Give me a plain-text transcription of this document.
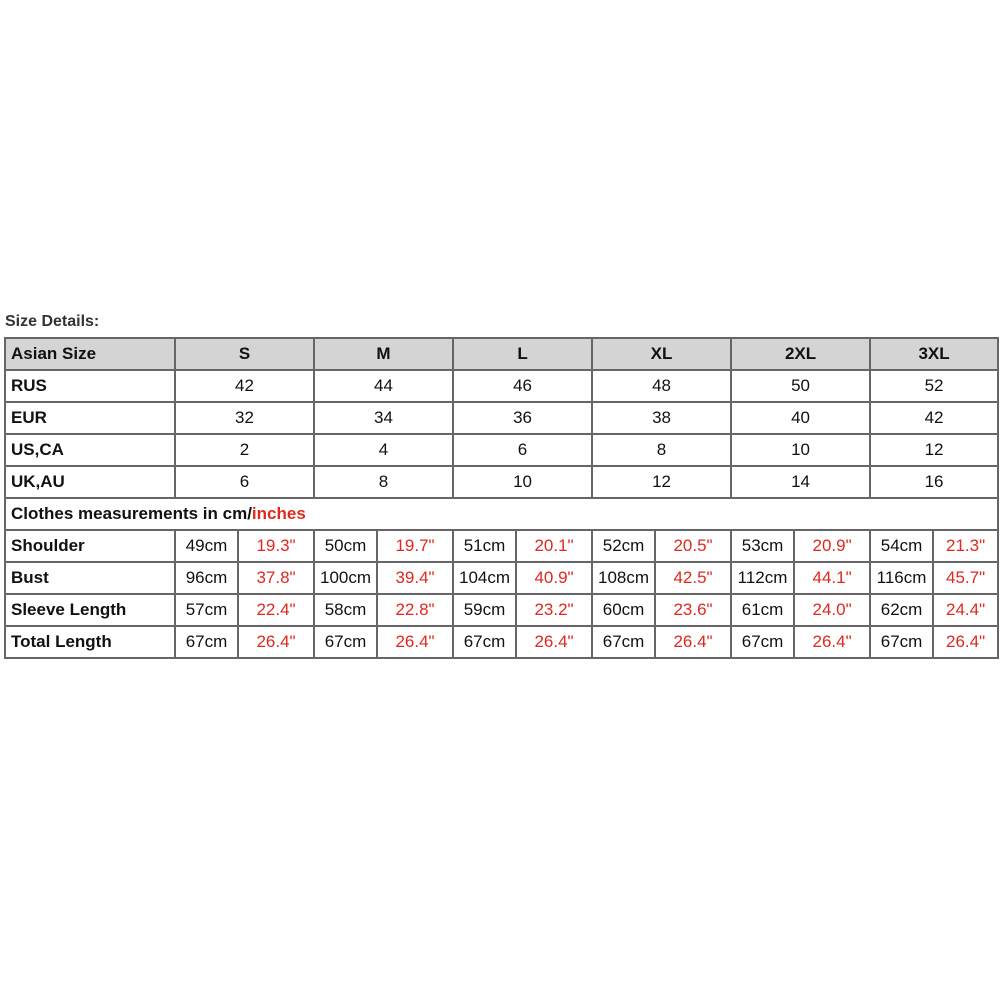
Size Details:
Asian Size	S		M		L		XL		2XL		3XL	
RUS	42		44		46		48		50		52	
EUR	32		34		36		38		40		42	
US,CA	2		4		6		8		10		12	
UK,AU	6		8		10		12		14		16	
Clothes measurements in cm/inches												
Shoulder	49cm	19.3"	50cm	19.7"	51cm	20.1"	52cm	20.5"	53cm	20.9"	54cm	21.3"
Bust	96cm	37.8"	100cm	39.4"	104cm	40.9"	108cm	42.5"	112cm	44.1"	116cm	45.7"
Sleeve Length	57cm	22.4"	58cm	22.8"	59cm	23.2"	60cm	23.6"	61cm	24.0"	62cm	24.4"
Total Length	67cm	26.4"	67cm	26.4"	67cm	26.4"	67cm	26.4"	67cm	26.4"	67cm	26.4"
